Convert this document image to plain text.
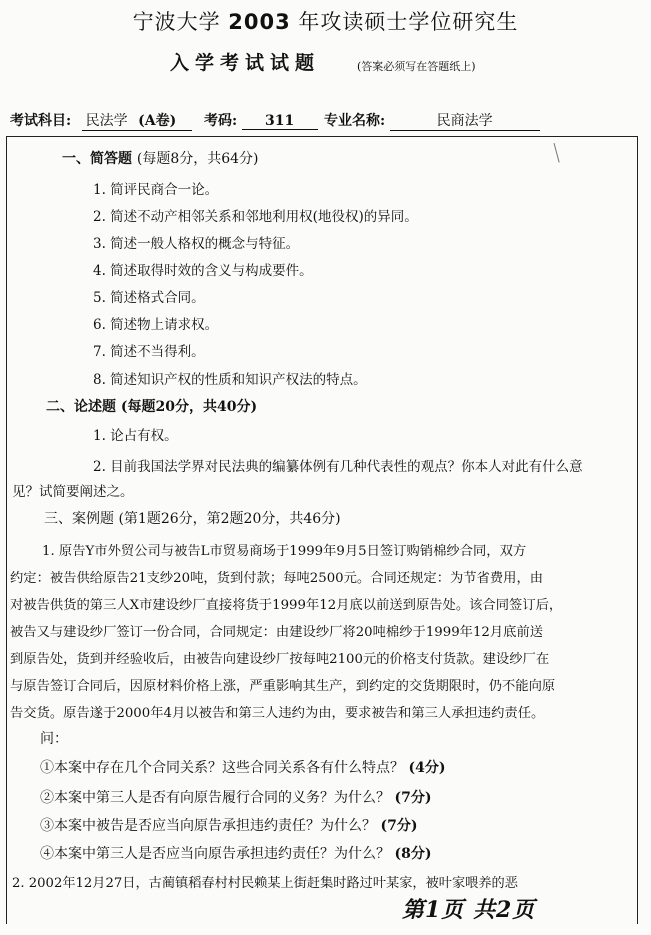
宁波大学 2003 年攻读硕士学位研究生
入学考试试题	(答案必须写在答题纸上)
考试科目: 民法学 (A卷)	考码: 311	专业名称:	民商法学
一、简答题 (每题8分，共64分)
1. 简评民商合一论。
2. 简述不动产相邻关系和邻地利用权(地役权)的异同。
3. 简述一般人格权的概念与特征。
4. 简述取得时效的含义与构成要件。
5. 简述格式合同。
6. 简述物上请求权。
7. 简述不当得利。
8. 简述知识产权的性质和知识产权法的特点。
二、论述题 (每题20分，共40分)
1. 论占有权。
2. 目前我国法学界对民法典的编纂体例有几种代表性的观点？你本人对此有什么意
见？试简要阐述之。
三、案例题 (第1题26分，第2题20分，共46分)
1. 原告Y市外贸公司与被告L市贸易商场于1999年9月5日签订购销棉纱合同，双方
约定：被告供给原告21支纱20吨，货到付款；每吨2500元。合同还规定：为节省费用，由
对被告供货的第三人X市建设纱厂直接将货于1999年12月底以前送到原告处。该合同签订后，
被告又与建设纱厂签订一份合同，合同规定：由建设纱厂将20吨棉纱于1999年12月底前送
到原告处，货到并经验收后，由被告向建设纱厂按每吨2100元的价格支付货款。建设纱厂在
与原告签订合同后，因原材料价格上涨，严重影响其生产，到约定的交货期限时，仍不能向原
告交货。原告遂于2000年4月以被告和第三人违约为由，要求被告和第三人承担违约责任。
问：
①本案中存在几个合同关系？这些合同关系各有什么特点？ (4分)
②本案中第三人是否有向原告履行合同的义务？为什么？ (7分)
③本案中被告是否应当向原告承担违约责任？为什么？ (7分)
④本案中第三人是否应当向原告承担违约责任？为什么？ (8分)
2. 2002年12月27日，古蔺镇稻春村村民赖某上街赶集时路过叶某家，被叶家喂养的恶
第1页 共2页
